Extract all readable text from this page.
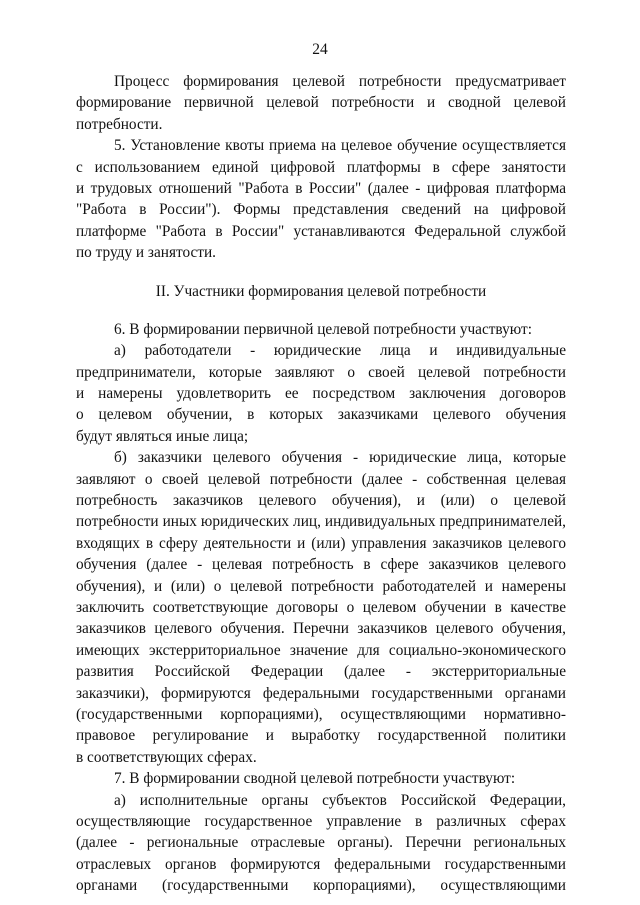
24
Процесс формирования целевой потребности предусматривает
формирование первичной целевой потребности и сводной целевой
потребности.
5. Установление квоты приема на целевое обучение осуществляется
с использованием единой цифровой платформы в сфере занятости
и трудовых отношений "Работа в России" (далее - цифровая платформа
"Работа в России"). Формы представления сведений на цифровой
платформе "Работа в России" устанавливаются Федеральной службой
по труду и занятости.
II. Участники формирования целевой потребности
6. В формировании первичной целевой потребности участвуют:
а) работодатели - юридические лица и индивидуальные
предприниматели, которые заявляют о своей целевой потребности
и намерены удовлетворить ее посредством заключения договоров
о целевом обучении, в которых заказчиками целевого обучения
будут являться иные лица;
б) заказчики целевого обучения - юридические лица, которые
заявляют о своей целевой потребности (далее - собственная целевая
потребность заказчиков целевого обучения), и (или) о целевой
потребности иных юридических лиц, индивидуальных предпринимателей,
входящих в сферу деятельности и (или) управления заказчиков целевого
обучения (далее - целевая потребность в сфере заказчиков целевого
обучения), и (или) о целевой потребности работодателей и намерены
заключить соответствующие договоры о целевом обучении в качестве
заказчиков целевого обучения. Перечни заказчиков целевого обучения,
имеющих экстерриториальное значение для социально-экономического
развития Российской Федерации (далее - экстерриториальные
заказчики), формируются федеральными государственными органами
(государственными корпорациями), осуществляющими нормативно-
правовое регулирование и выработку государственной политики
в соответствующих сферах.
7. В формировании сводной целевой потребности участвуют:
а) исполнительные органы субъектов Российской Федерации,
осуществляющие государственное управление в различных сферах
(далее - региональные отраслевые органы). Перечни региональных
отраслевых органов формируются федеральными государственными
органами (государственными корпорациями), осуществляющими
